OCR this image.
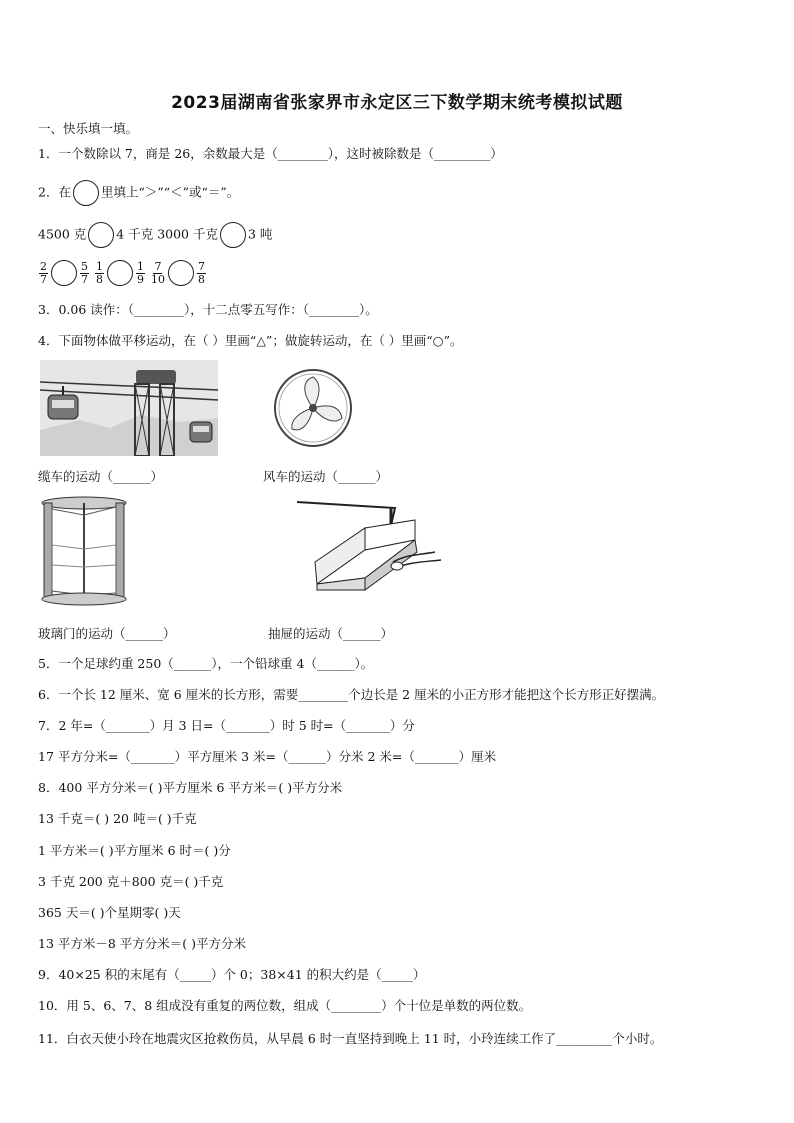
2023届湖南省张家界市永定区三下数学期末统考模拟试题
一、快乐填一填。
1．一个数除以 7，商是 26，余数最大是（________），这时被除数是（_________）
2．在 里填上“＞”“＜”或“＝”。
4500 克 4 千克 3000 千克 3 吨
$\frac{2}{7}$	$\frac{5}{7}$
$\frac{1}{8}$	$\frac{1}{9}$
$\frac{7}{10}$	$\frac{7}{8}$
3．0.06 读作：（________），十二点零五写作：（________）。
4．下面物体做平移运动，在（ ）里画“△”；做旋转运动，在（ ）里画“○”。
缆车的运动（______）	风车的运动（______）
玻璃门的运动（______）	抽屉的运动（______）
5．一个足球约重 250（______），一个铅球重 4（______）。
6．一个长 12 厘米、宽 6 厘米的长方形，需要________个边长是 2 厘米的小正方形才能把这个长方形正好摆满。
7．2 年=（_______）月 3 日=（_______）时 5 时=（_______）分
17 平方分米=（_______）平方厘米 3 米=（______）分米 2 米=（_______）厘米
8．400 平方分米＝( )平方厘米 6 平方米＝( )平方分米
13 千克＝( ) 20 吨＝( )千克
1 平方米＝( )平方厘米 6 时＝( )分
3 千克 200 克＋800 克＝( )千克
365 天＝( )个星期零( )天
13 平方米－8 平方分米＝( )平方分米
9．40×25 积的末尾有（_____）个 0；38×41 的积大约是（_____）
10．用 5、6、7、8 组成没有重复的两位数，组成（________）个十位是单数的两位数。
11．白衣天使小玲在地震灾区抢救伤员，从早晨 6 时一直坚持到晚上 11 时，小玲连续工作了_________个小时。
